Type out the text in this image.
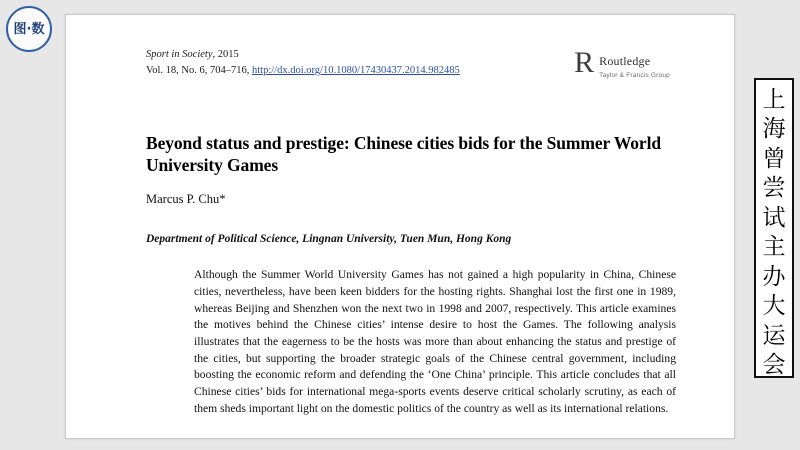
图·数
Sport in Society, 2015
Vol. 18, No. 6, 704–716, http://dx.doi.org/10.1080/17430437.2014.982485	R Routledge
Taylor & Francis Group
Beyond status and prestige: Chinese cities bids for the Summer World University Games
Marcus P. Chu*
Department of Political Science, Lingnan University, Tuen Mun, Hong Kong
Although the Summer World University Games has not gained a high popularity in China, Chinese cities, nevertheless, have been keen bidders for the hosting rights. Shanghai lost the first one in 1989, whereas Beijing and Shenzhen won the next two in 1998 and 2007, respectively. This article examines the motives behind the Chinese cities’ intense desire to host the Games. The following analysis illustrates that the eagerness to be the hosts was more than about enhancing the status and prestige of the cities, but supporting the broader strategic goals of the Chinese central government, including boosting the economic reform and defending the ‘One China’ principle. This article concludes that all Chinese cities’ bids for international mega-sports events deserve critical scholarly scrutiny, as each of them sheds important light on the domestic politics of the country as well as its international relations.
上
海
曾
尝
试
主
办
大
运
会
